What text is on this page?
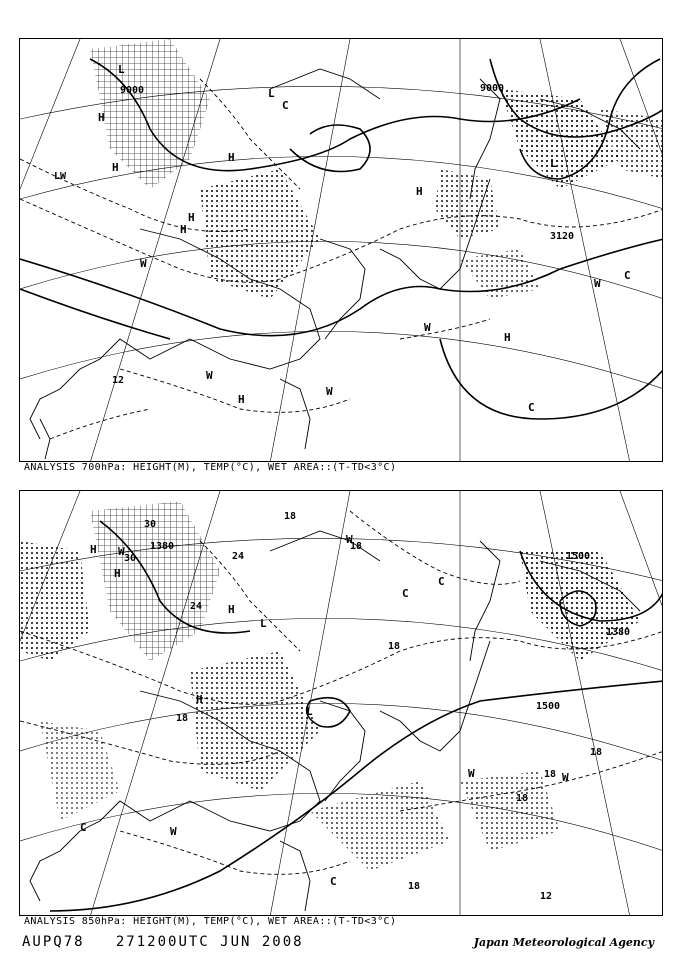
H
H
H
H
H
H
H
H
W
W
W
W
W
L
L
L
C
C
C
LW
9000	9000
3120
12
ANALYSIS 700hPa: HEIGHT(M), TEMP(°C), WET AREA::(T-TD<3°C)
H
H
H
H
W
W
W	W
W
L
L
C
C
C
C
30
30	24
24
18
18
18
18
18
18
18
18
12
1380
1380
1500
1500
ANALYSIS 850hPa: HEIGHT(M), TEMP(°C), WET AREA::(T-TD<3°C)
AUPQ78 271200UTC JUN 2008	Japan Meteorological Agency
